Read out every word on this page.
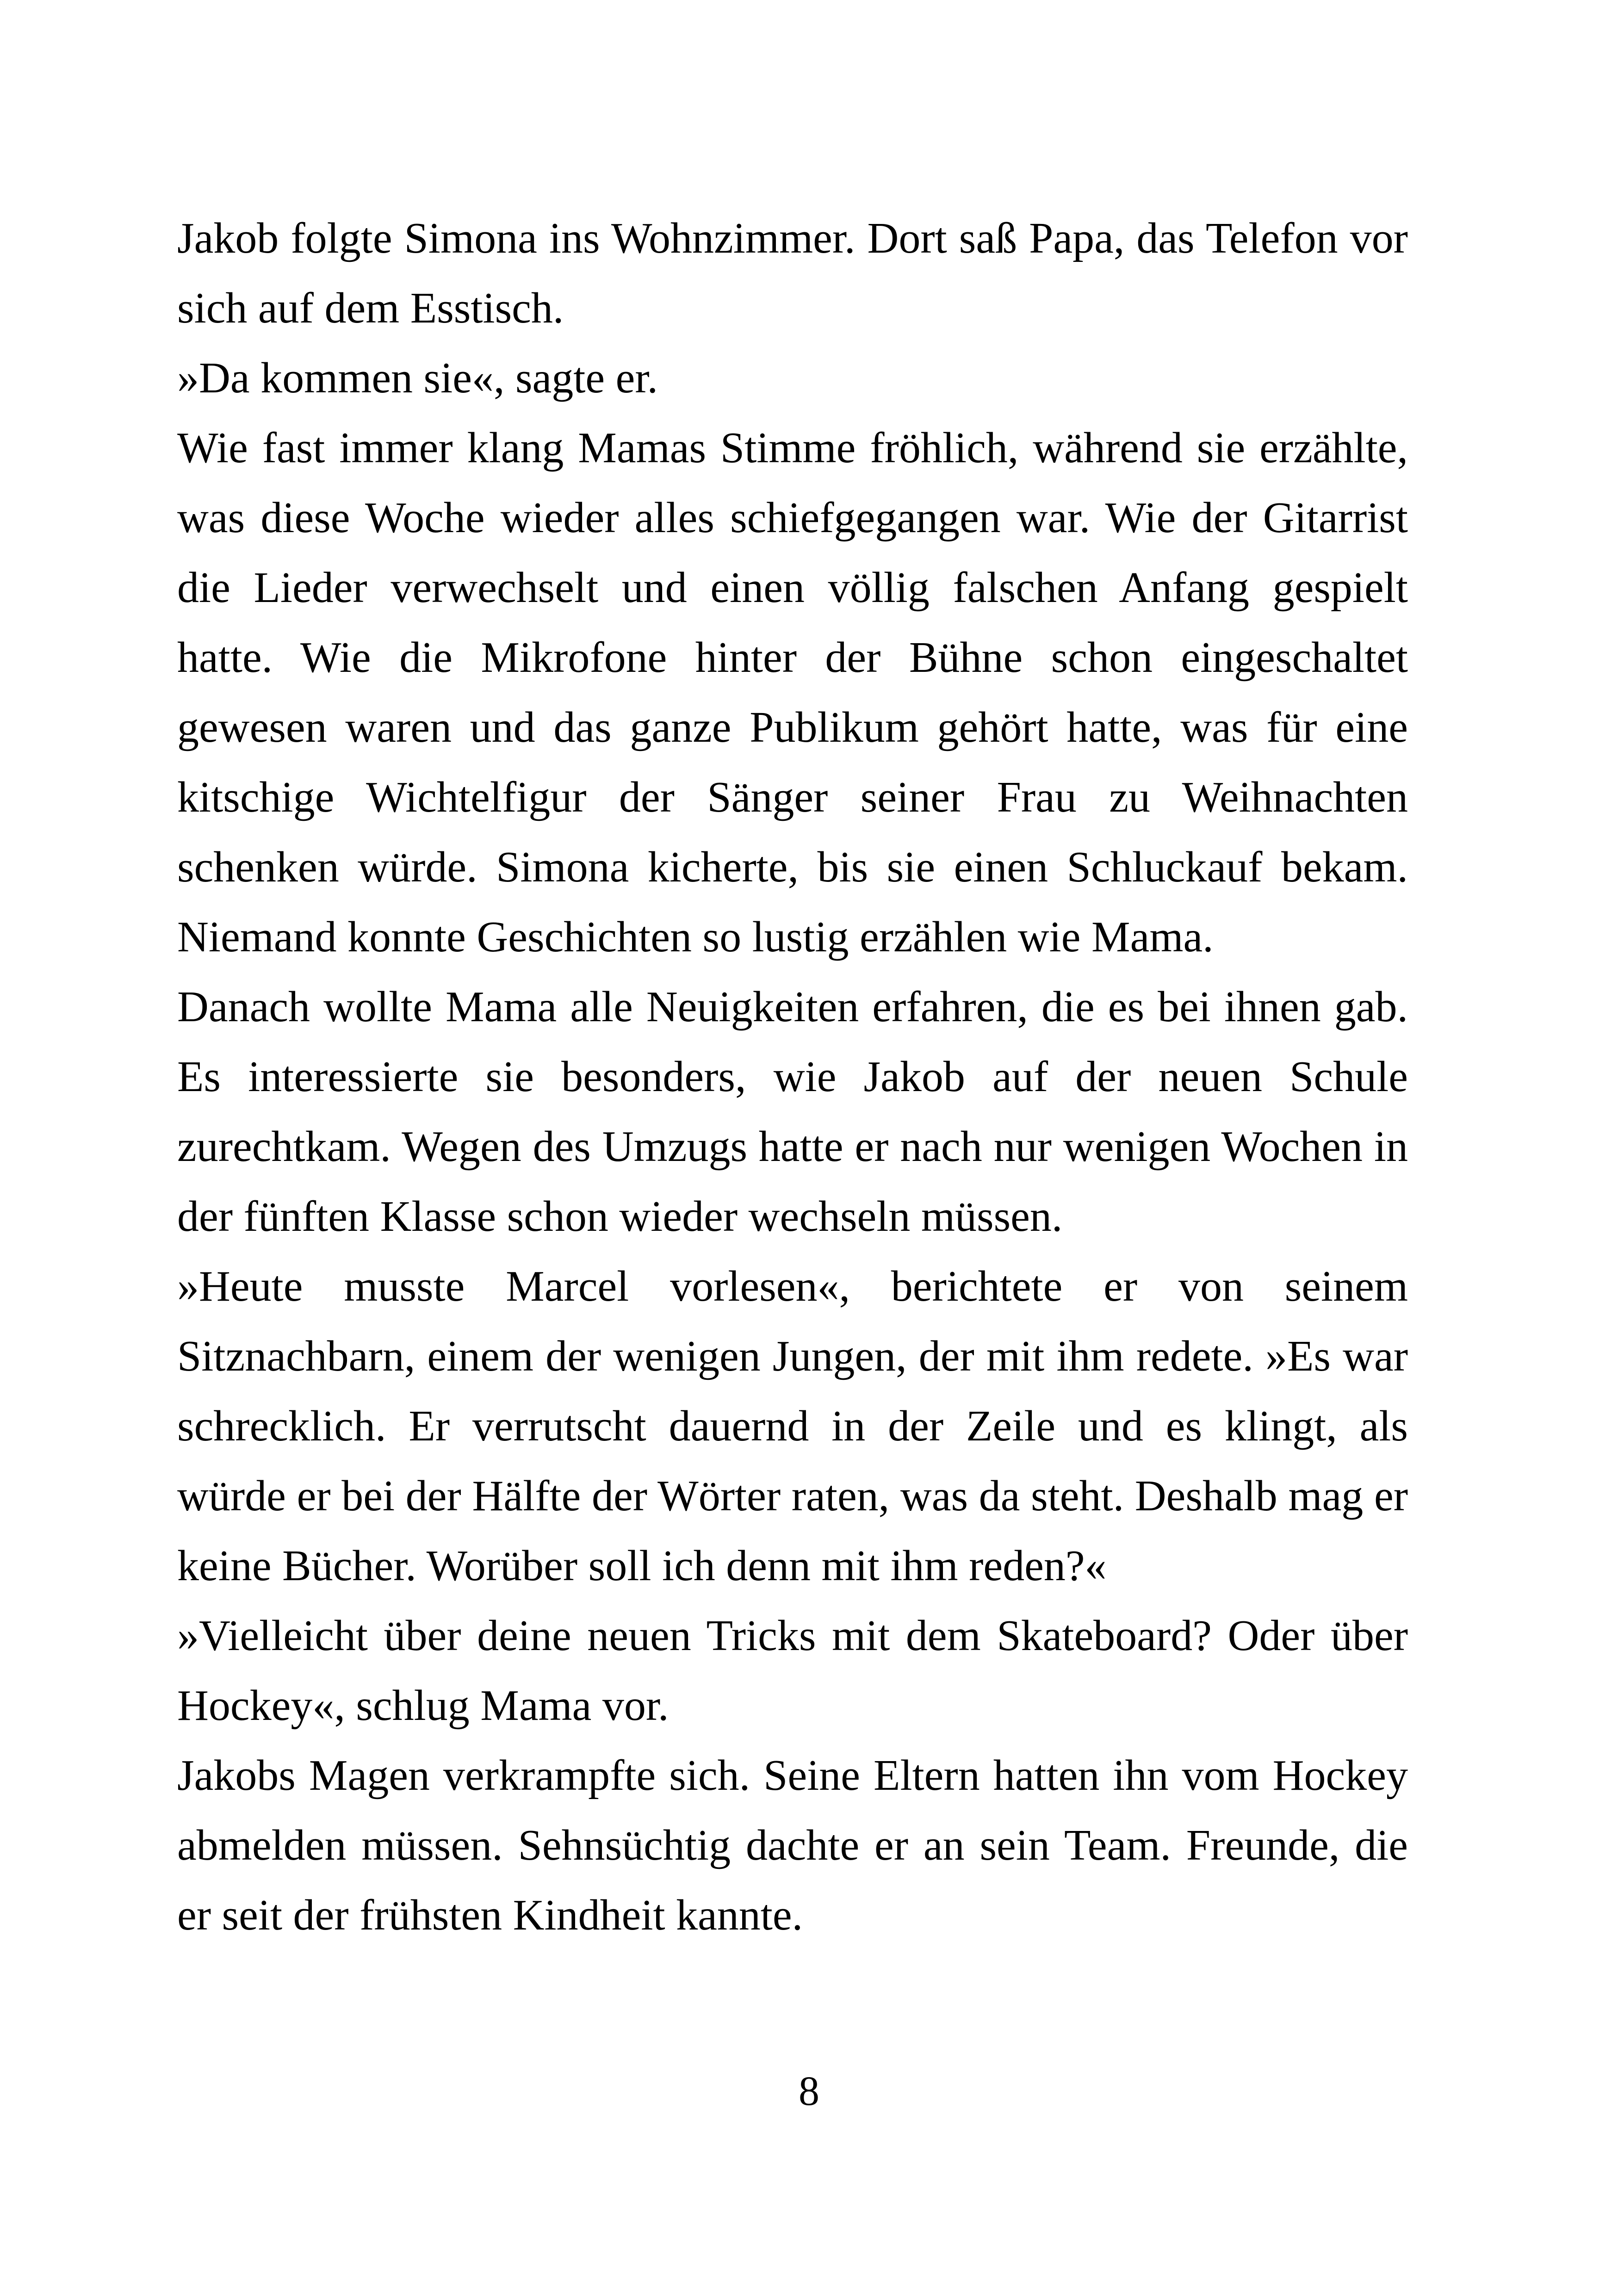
Jakob folgte Simona ins Wohnzimmer. Dort saß Papa, das Telefon vor sich auf dem Esstisch.

»Da kommen sie«, sagte er.

Wie fast immer klang Mamas Stimme fröhlich, während sie erzählte, was diese Woche wieder alles schiefgegangen war. Wie der Gitarrist die Lieder verwechselt und einen völlig falschen Anfang gespielt hatte. Wie die Mikrofone hinter der Bühne schon eingeschaltet gewesen waren und das ganze Publikum gehört hatte, was für eine kitschige Wichtelfigur der Sänger seiner Frau zu Weihnachten schenken würde. Simona kicherte, bis sie einen Schluckauf bekam. Niemand konnte Geschichten so lustig erzählen wie Mama.

Danach wollte Mama alle Neuigkeiten erfahren, die es bei ihnen gab. Es interessierte sie besonders, wie Jakob auf der neuen Schule zurechtkam. Wegen des Umzugs hatte er nach nur wenigen Wochen in der fünften Klasse schon wieder wechseln müssen.

»Heute musste Marcel vorlesen«, berichtete er von seinem Sitznachbarn, einem der wenigen Jungen, der mit ihm redete. »Es war schrecklich. Er verrutscht dauernd in der Zeile und es klingt, als würde er bei der Hälfte der Wörter raten, was da steht. Deshalb mag er keine Bücher. Worüber soll ich denn mit ihm reden?«

»Vielleicht über deine neuen Tricks mit dem Skateboard? Oder über Hockey«, schlug Mama vor.

Jakobs Magen verkrampfte sich. Seine Eltern hatten ihn vom Hockey abmelden müssen. Sehnsüchtig dachte er an sein Team. Freunde, die er seit der frühsten Kindheit kannte.

8
